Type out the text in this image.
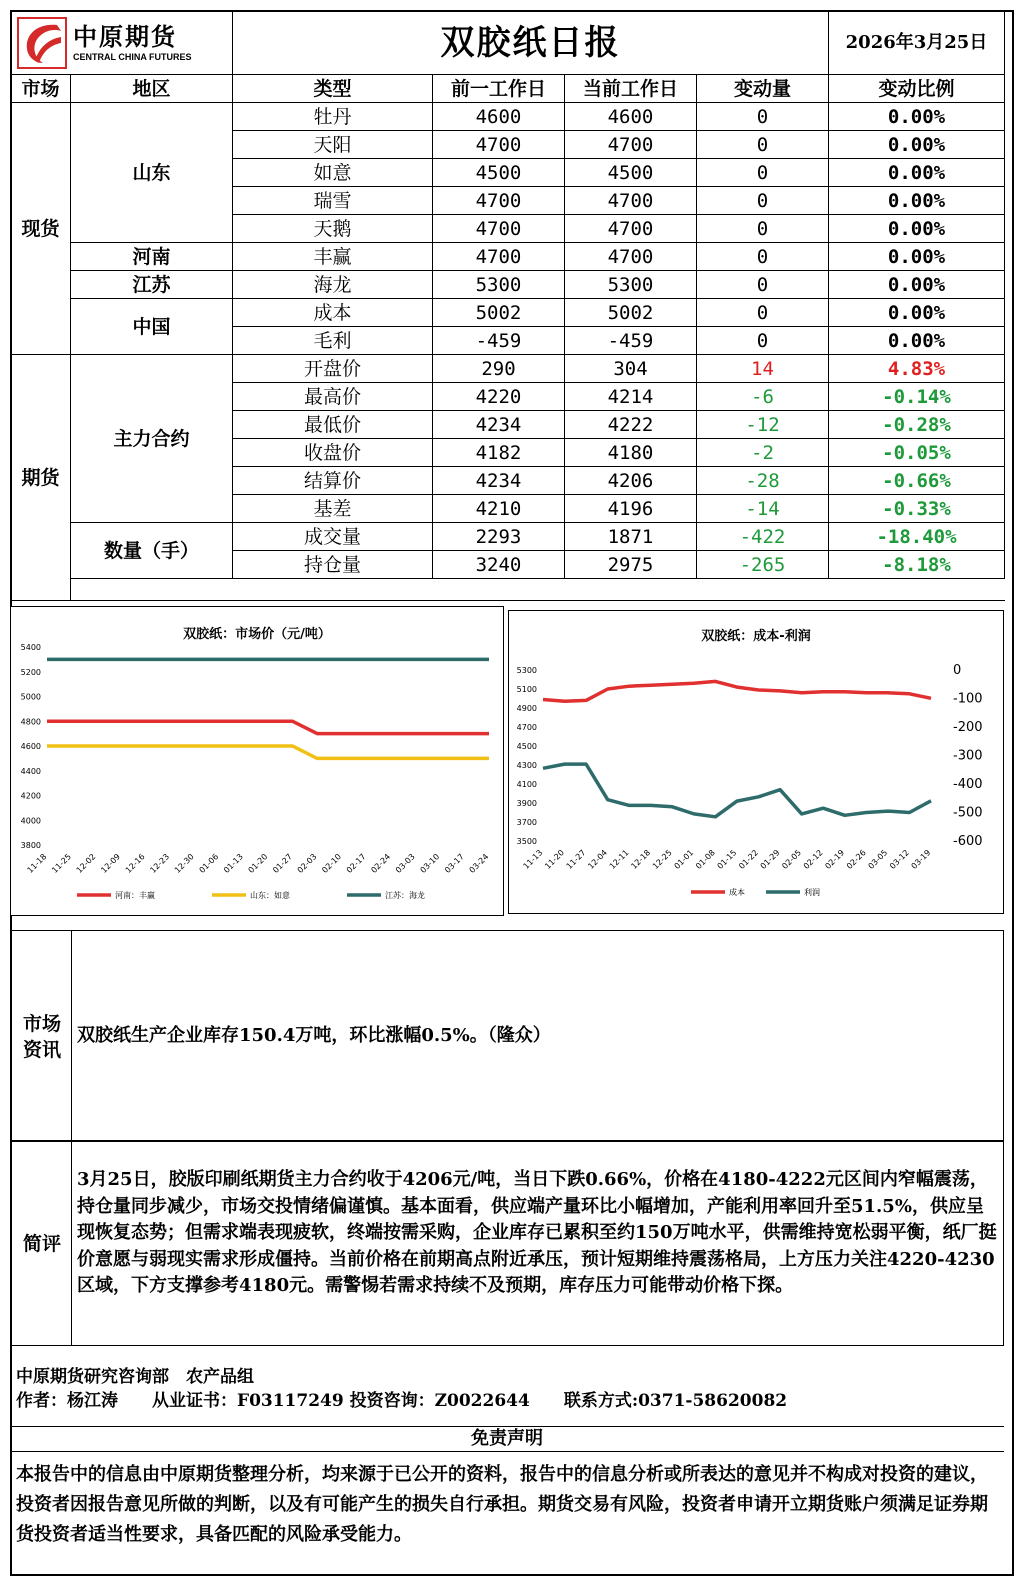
中原期货
CENTRAL CHINA FUTURES		双胶纸日报				2026年3月25日
市场	地区	类型	前一工作日	当前工作日	变动量	变动比例
现货	山东	牡丹	4600	4600	0	0.00%
		天阳	4700	4700	0	0.00%
		如意	4500	4500	0	0.00%
		瑞雪	4700	4700	0	0.00%
		天鹅	4700	4700	0	0.00%
	河南	丰赢	4700	4700	0	0.00%
	江苏	海龙	5300	5300	0	0.00%
	中国	成本	5002	5002	0	0.00%
		毛利	-459	-459	0	0.00%
期货	主力合约	开盘价	290	304	14	4.83%
		最高价	4220	4214	-6	-0.14%
		最低价	4234	4222	-12	-0.28%
		收盘价	4182	4180	-2	-0.05%
		结算价	4234	4206	-28	-0.66%
		基差	4210	4196	-14	-0.33%
	数量（手）	成交量	2293	1871	-422	-18.40%
		持仓量	3240	2975	-265	-8.18%

双胶纸：市场价（元/吨）
3800
4000
4200
4400
4600
4800
5000
5200
5400
11-18 11-25 12-02 12-09 12-16 12-23 12-30 01-06 01-13 01-20 01-27 02-03 02-10 02-17 02-24 03-03 03-10 03-17 03-24
河南：丰赢	山东：如意	江苏：海龙
双胶纸：成本-利润
3500
3700
3900
4100
4300
4500
4700
4900
5100
5300
-600
-500
-400
-300
-200
-100
0
11-13
11-20
11-27
12-04
12-11
12-18
12-25
01-01
01-08
01-15
01-22
01-29
02-05
02-12
02-19
02-26
03-05
03-12
03-19
成本	利润
市场资讯
双胶纸生产企业库存150.4万吨，环比涨幅0.5%。（隆众）
简评
3月25日，胶版印刷纸期货主力合约收于4206元/吨，当日下跌0.66%，价格在4180-4222元区间内窄幅震荡，持仓量同步减少，市场交投情绪偏谨慎。基本面看，供应端产量环比小幅增加，产能利用率回升至51.5%，供应呈现恢复态势；但需求端表现疲软，终端按需采购，企业库存已累积至约150万吨水平，供需维持宽松弱平衡，纸厂挺价意愿与弱现实需求形成僵持。当前价格在前期高点附近承压，预计短期维持震荡格局，上方压力关注4220-4230区域，下方支撑参考4180元。需警惕若需求持续不及预期，库存压力可能带动价格下探。
中原期货研究咨询部　农产品组
作者：杨江涛　　从业证书：F03117249 投资咨询：Z0022644　　联系方式:0371-58620082
免责声明
本报告中的信息由中原期货整理分析，均来源于已公开的资料，报告中的信息分析或所表达的意见并不构成对投资的建议，投资者因报告意见所做的判断，以及有可能产生的损失自行承担。期货交易有风险，投资者申请开立期货账户须满足证券期货投资者适当性要求，具备匹配的风险承受能力。
